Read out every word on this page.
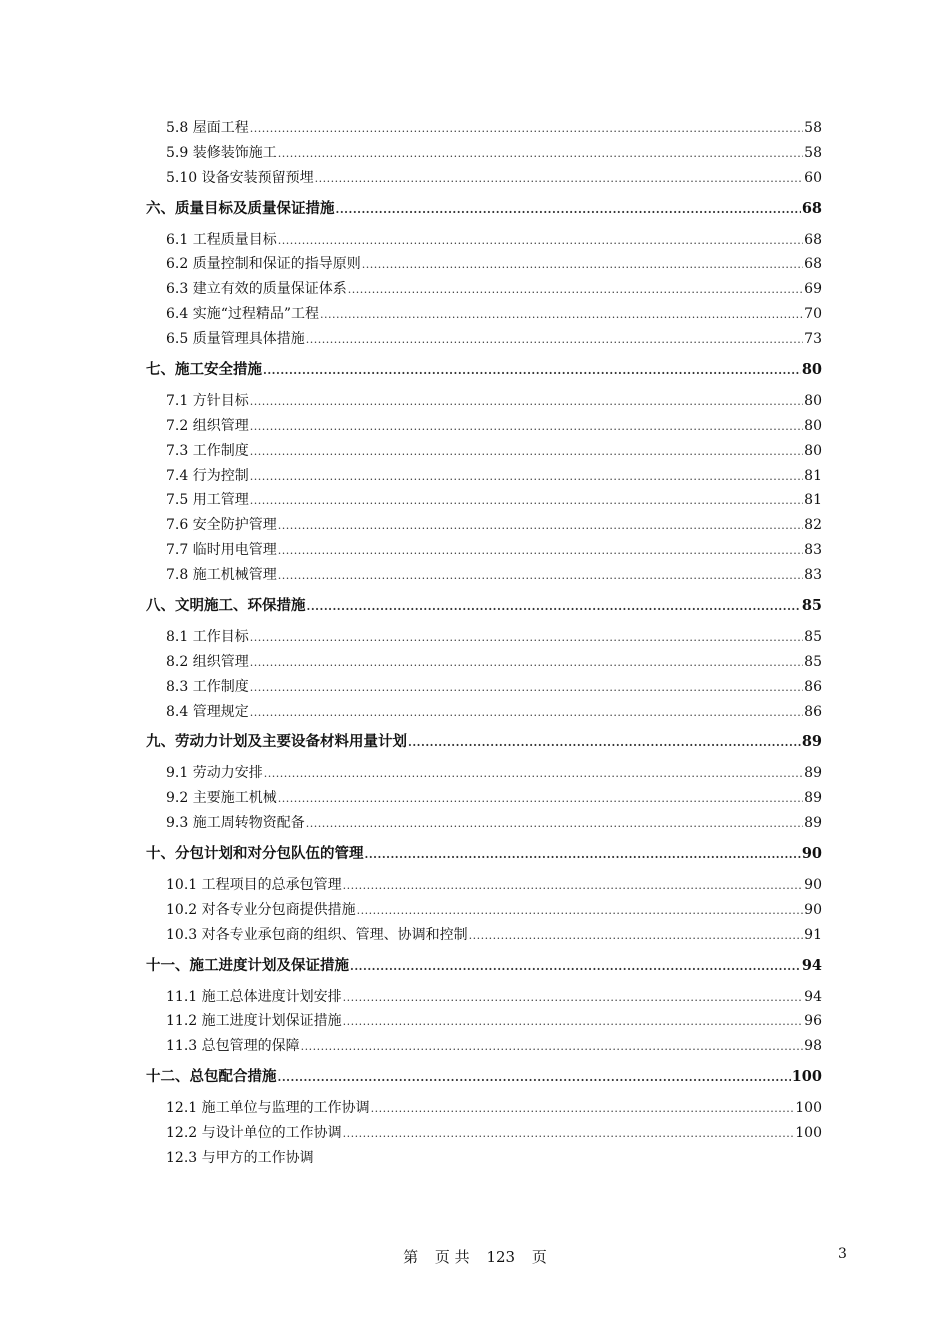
5.8 屋面工程 .....	58
5.9 装修装饰施工 .....	58
5.10 设备安装预留预埋 .....	60
六、质量目标及质量保证措施 .....	68
6.1 工程质量目标 .....	68
6.2 质量控制和保证的指导原则 .....	68
6.3 建立有效的质量保证体系 .....	69
6.4 实施“过程精品”工程 .....	70
6.5 质量管理具体措施 .....	73
七、施工安全措施 .....	80
7.1 方针目标 .....	80
7.2 组织管理 .....	80
7.3 工作制度 .....	80
7.4 行为控制 .....	81
7.5 用工管理 .....	81
7.6 安全防护管理 .....	82
7.7 临时用电管理 .....	83
7.8 施工机械管理 .....	83
八、文明施工、环保措施 .....	85
8.1 工作目标 .....	85
8.2 组织管理 .....	85
8.3 工作制度 .....	86
8.4 管理规定 .....	86
九、劳动力计划及主要设备材料用量计划 .....	89
9.1 劳动力安排 .....	89
9.2 主要施工机械 .....	89
9.3 施工周转物资配备 .....	89
十、分包计划和对分包队伍的管理 .....	90
10.1 工程项目的总承包管理 .....	90
10.2 对各专业分包商提供措施 .....	90
10.3 对各专业承包商的组织、管理、协调和控制 .....	91
十一、施工进度计划及保证措施 .....	94
11.1 施工总体进度计划安排 .....	94
11.2 施工进度计划保证措施 .....	96
11.3 总包管理的保障 .....	98
十二、总包配合措施 .....	100
12.1 施工单位与监理的工作协调 .....	100
12.2 与设计单位的工作协调 .....	100
12.3 与甲方的工作协调
第 页 共 123 页	3
